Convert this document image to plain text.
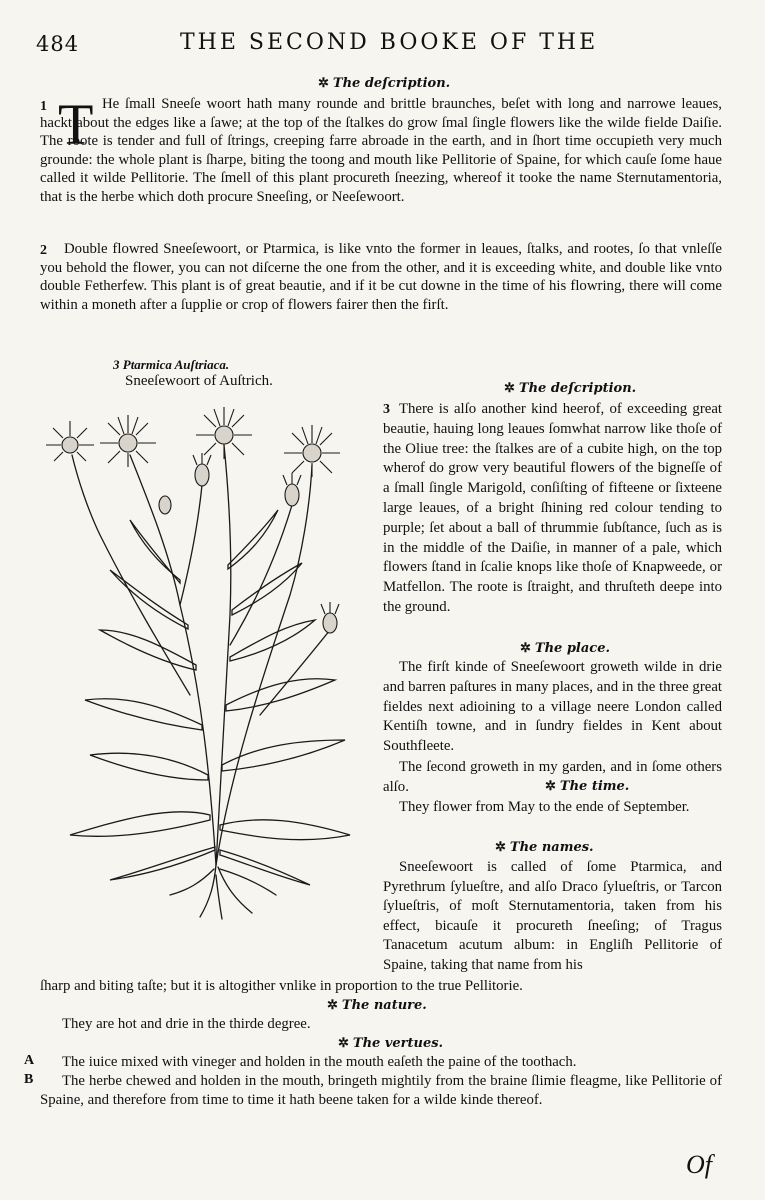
484	THE SECOND BOOKE OF THE
✲ The deſcription.
1 T He ſmall Sneeſe woort hath many rounde and brittle braunches, beſet with long and narrowe leaues, hackt about the edges like a ſawe; at the top of the ſtalkes do grow ſmal ſingle flowers like the wilde fielde Daiſie. The roote is tender and full of ſtrings, creeping farre abroade in the earth, and in ſhort time occupieth very much grounde: the whole plant is ſharpe, biting the toong and mouth like Pellitorie of Spaine, for which cauſe ſome haue called it wilde Pellitorie. The ſmell of this plant procureth ſneezing, whereof it tooke the name Sternutamentoria, that is the herbe which doth procure Sneeſing, or Neeſewoort.
2	Double flowred Sneeſewoort, or Ptarmica, is like vnto the former in leaues, ſtalks, and rootes, ſo that vnleſſe you behold the flower, you can not diſcerne the one from the other, and it is exceeding white, and double like vnto double Fetherfew. This plant is of great beautie, and if it be cut downe in the time of his flowring, there will come within a moneth after a ſupplie or crop of flowers fairer then the firſt.
3 Ptarmica Auſtriaca.
Sneeſewoort of Auſtrich.	✲ The deſcription.
3 There is alſo another kind heerof, of exceeding great beautie, hauing long leaues ſomwhat narrow like thoſe of the Oliue tree: the ſtalkes are of a cubite high, on the top wherof do grow very beautiful flowers of the bigneſſe of a ſmall ſingle Marigold, conſiſting of fifteene or ſixteene large leaues, of a bright ſhining red colour tending to purple; ſet about a ball of thrummie ſubſtance, ſuch as is in the middle of the Daiſie, in manner of a pale, which flowers ſtand in ſcalie knops like thoſe of Knapweede, or Matfellon. The roote is ſtraight, and thruſteth deepe into the ground.
✲ The place.
The firſt kinde of Sneeſewoort groweth wilde in drie and barren paſtures in many places, and in the three great fieldes next adioining to a village neere London called Kentiſh towne, and in ſundry fieldes in Kent about Southfleete.
The ſecond groweth in my garden, and in ſome others alſo.	✲ The time.
They flower from May to the ende of September.
✲ The names.
Sneeſewoort is called of ſome Ptarmica, and Pyrethrum ſylueſtre, and alſo Draco ſylueſtris, or Tarcon ſylueſtris, of moſt Sternutamentoria, taken from his effect, bicauſe it procureth ſneeſing; of Tragus Tanacetum acutum album: in Engliſh Pellitorie of Spaine, taking that name from his
ſharp and biting taſte; but it is altogither vnlike in proportion to the true Pellitorie.
✲ The nature.
They are hot and drie in the thirde degree.
✲ The vertues.
A	The iuice mixed with vineger and holden in the mouth eaſeth the paine of the toothach.
B	The herbe chewed and holden in the mouth, bringeth mightily from the braine ſlimie fleagme, like Pellitorie of Spaine, and therefore from time to time it hath beene taken for a wilde kinde thereof.
Of
